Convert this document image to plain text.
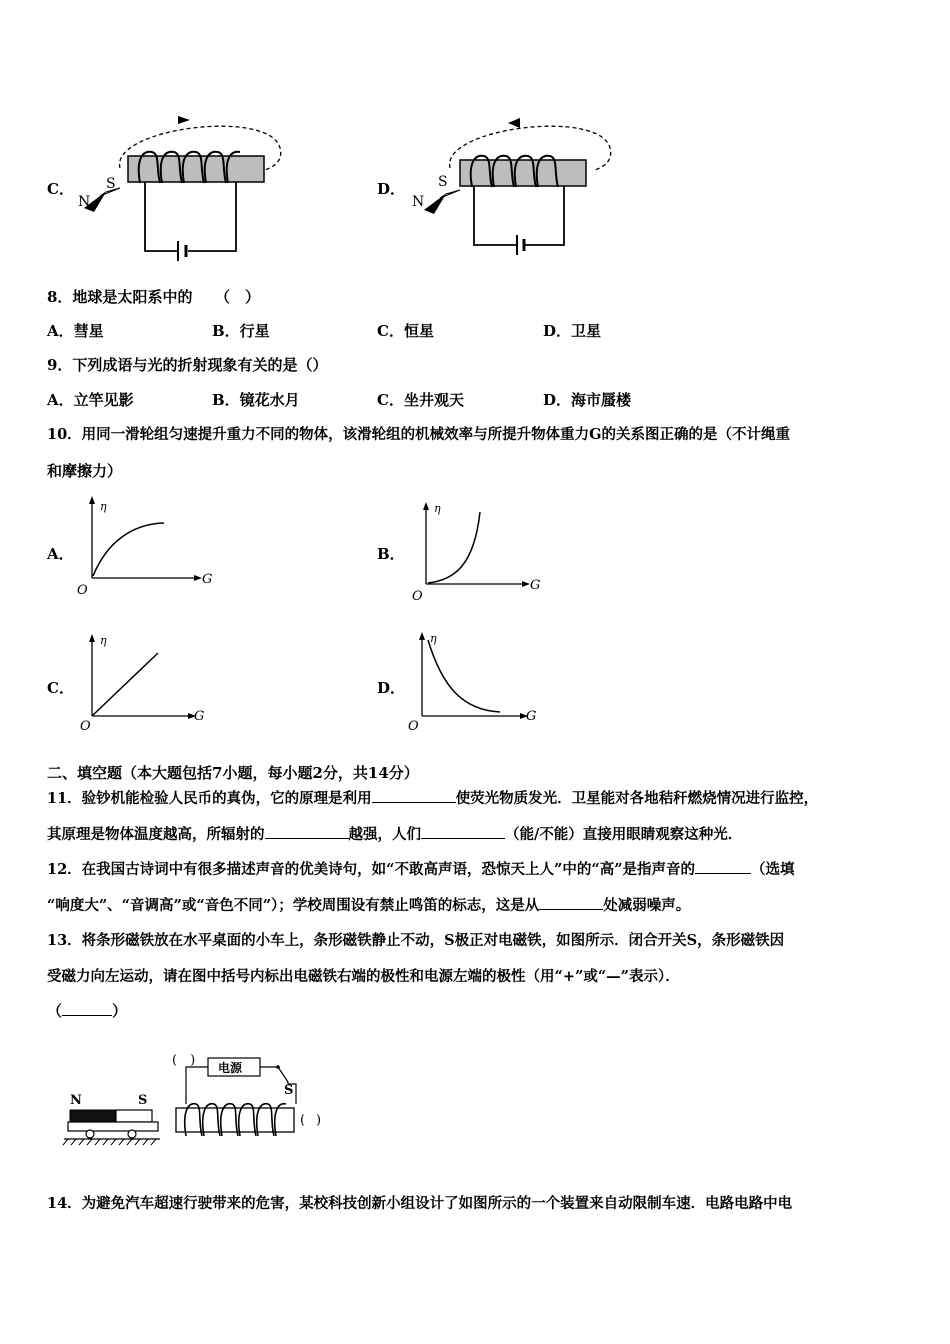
C． S
N
D． S
N
8．地球是太阳系中的　　（　）
A．彗星	B．行星	C．恒星	D．卫星
9．下列成语与光的折射现象有关的是（）
A．立竿见影	B．镜花水月	C．坐井观天	D．海市蜃楼
10．用同一滑轮组匀速提升重力不同的物体，该滑轮组的机械效率与所提升物体重力G的关系图正确的是（不计绳重
和摩擦力）
A．
η
G
O
B．
η
G
O
C．
η
G
O
D．
η
G
O
二、填空题（本大题包括7小题，每小题2分，共14分）
11．验钞机能检验人民币的真伪，它的原理是利用	使荧光物质发光．卫星能对各地秸秆燃烧情况进行监控，
其原理是物体温度越高，所辐射的	越强，人们	（能/不能）直接用眼睛观察这种光．
12．在我国古诗词中有很多描述声音的优美诗句，如“不敢高声语，恐惊天上人”中的“高”是指声音的	（选填
“响度大”、“音调高”或“音色不同”）；学校周围设有禁止鸣笛的标志，这是从	处减弱噪声。
13．将条形磁铁放在水平桌面的小车上，条形磁铁静止不动，S极正对电磁铁，如图所示．闭合开关S，条形磁铁因
受磁力向左运动，请在图中括号内标出电磁铁右端的极性和电源左端的极性（用“+”或“—”表示）．
（	）
N	S
(　) 电源
S
)
(
14．为避免汽车超速行驶带来的危害，某校科技创新小组设计了如图所示的一个装置来自动限制车速．电路电路中电
